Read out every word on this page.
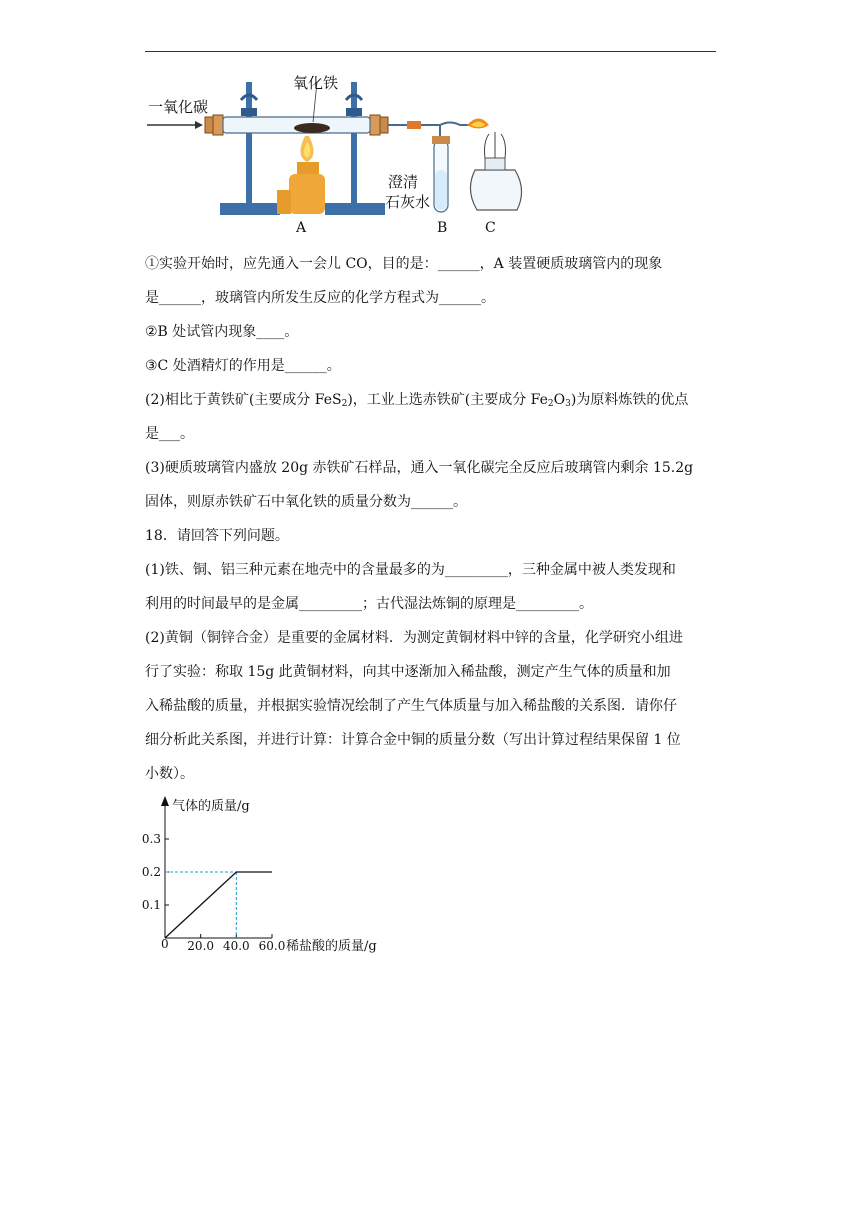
一氧化碳
氧化铁
澄清
石灰水
A	B	C
①实验开始时，应先通入一会儿 CO，目的是：______，A 装置硬质玻璃管内的现象
是______，玻璃管内所发生反应的化学方程式为______。
②B 处试管内现象____。
③C 处酒精灯的作用是______。
(2)相比于黄铁矿(主要成分 FeS$_2$)，工业上选赤铁矿(主要成分 $Fe_2O_3$)为原料炼铁的优点
是___。
(3)硬质玻璃管内盛放 20g 赤铁矿石样品，通入一氧化碳完全反应后玻璃管内剩余 15.2g
固体，则原赤铁矿石中氧化铁的质量分数为______。
18．请回答下列问题。
(1)铁、铜、铝三种元素在地壳中的含量最多的为_________，三种金属中被人类发现和
利用的时间最早的是金属_________；古代湿法炼铜的原理是_________。
(2)黄铜（铜锌合金）是重要的金属材料．为测定黄铜材料中锌的含量，化学研究小组进
行了实验：称取 15g 此黄铜材料，向其中逐渐加入稀盐酸，测定产生气体的质量和加
入稀盐酸的质量，并根据实验情况绘制了产生气体质量与加入稀盐酸的关系图．请你仔
细分析此关系图，并进行计算：计算合金中铜的质量分数（写出计算过程结果保留 1 位
小数）。
气体的质量/g
稀盐酸的质量/g
0
0.1
0.2
0.3
20.0 40.0 60.0
